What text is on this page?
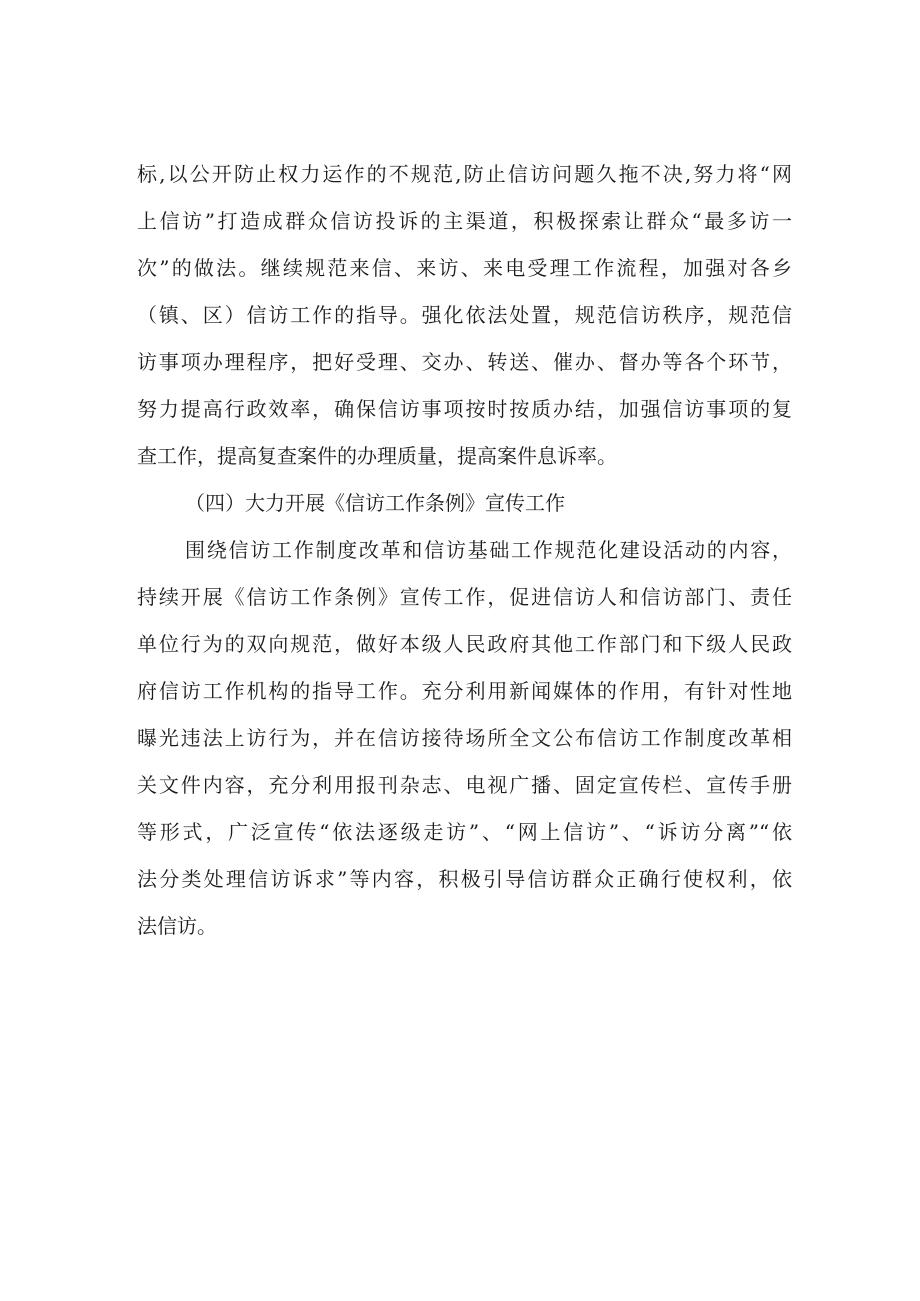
标,以公开防止权力运作的不规范,防止信访问题久拖不决,努力将“网
上信访”打造成群众信访投诉的主渠道，积极探索让群众“最多访一
次”的做法。继续规范来信、来访、来电受理工作流程，加强对各乡
（镇、区）信访工作的指导。强化依法处置，规范信访秩序，规范信
访事项办理程序，把好受理、交办、转送、催办、督办等各个环节，
努力提高行政效率，确保信访事项按时按质办结，加强信访事项的复
查工作，提高复查案件的办理质量，提高案件息诉率。
（四）大力开展《信访工作条例》宣传工作
围绕信访工作制度改革和信访基础工作规范化建设活动的内容，
持续开展《信访工作条例》宣传工作，促进信访人和信访部门、责任
单位行为的双向规范，做好本级人民政府其他工作部门和下级人民政
府信访工作机构的指导工作。充分利用新闻媒体的作用，有针对性地
曝光违法上访行为，并在信访接待场所全文公布信访工作制度改革相
关文件内容，充分利用报刊杂志、电视广播、固定宣传栏、宣传手册
等形式，广泛宣传“依法逐级走访”、“网上信访”、“诉访分离”“依
法分类处理信访诉求”等内容，积极引导信访群众正确行使权利，依
法信访。
